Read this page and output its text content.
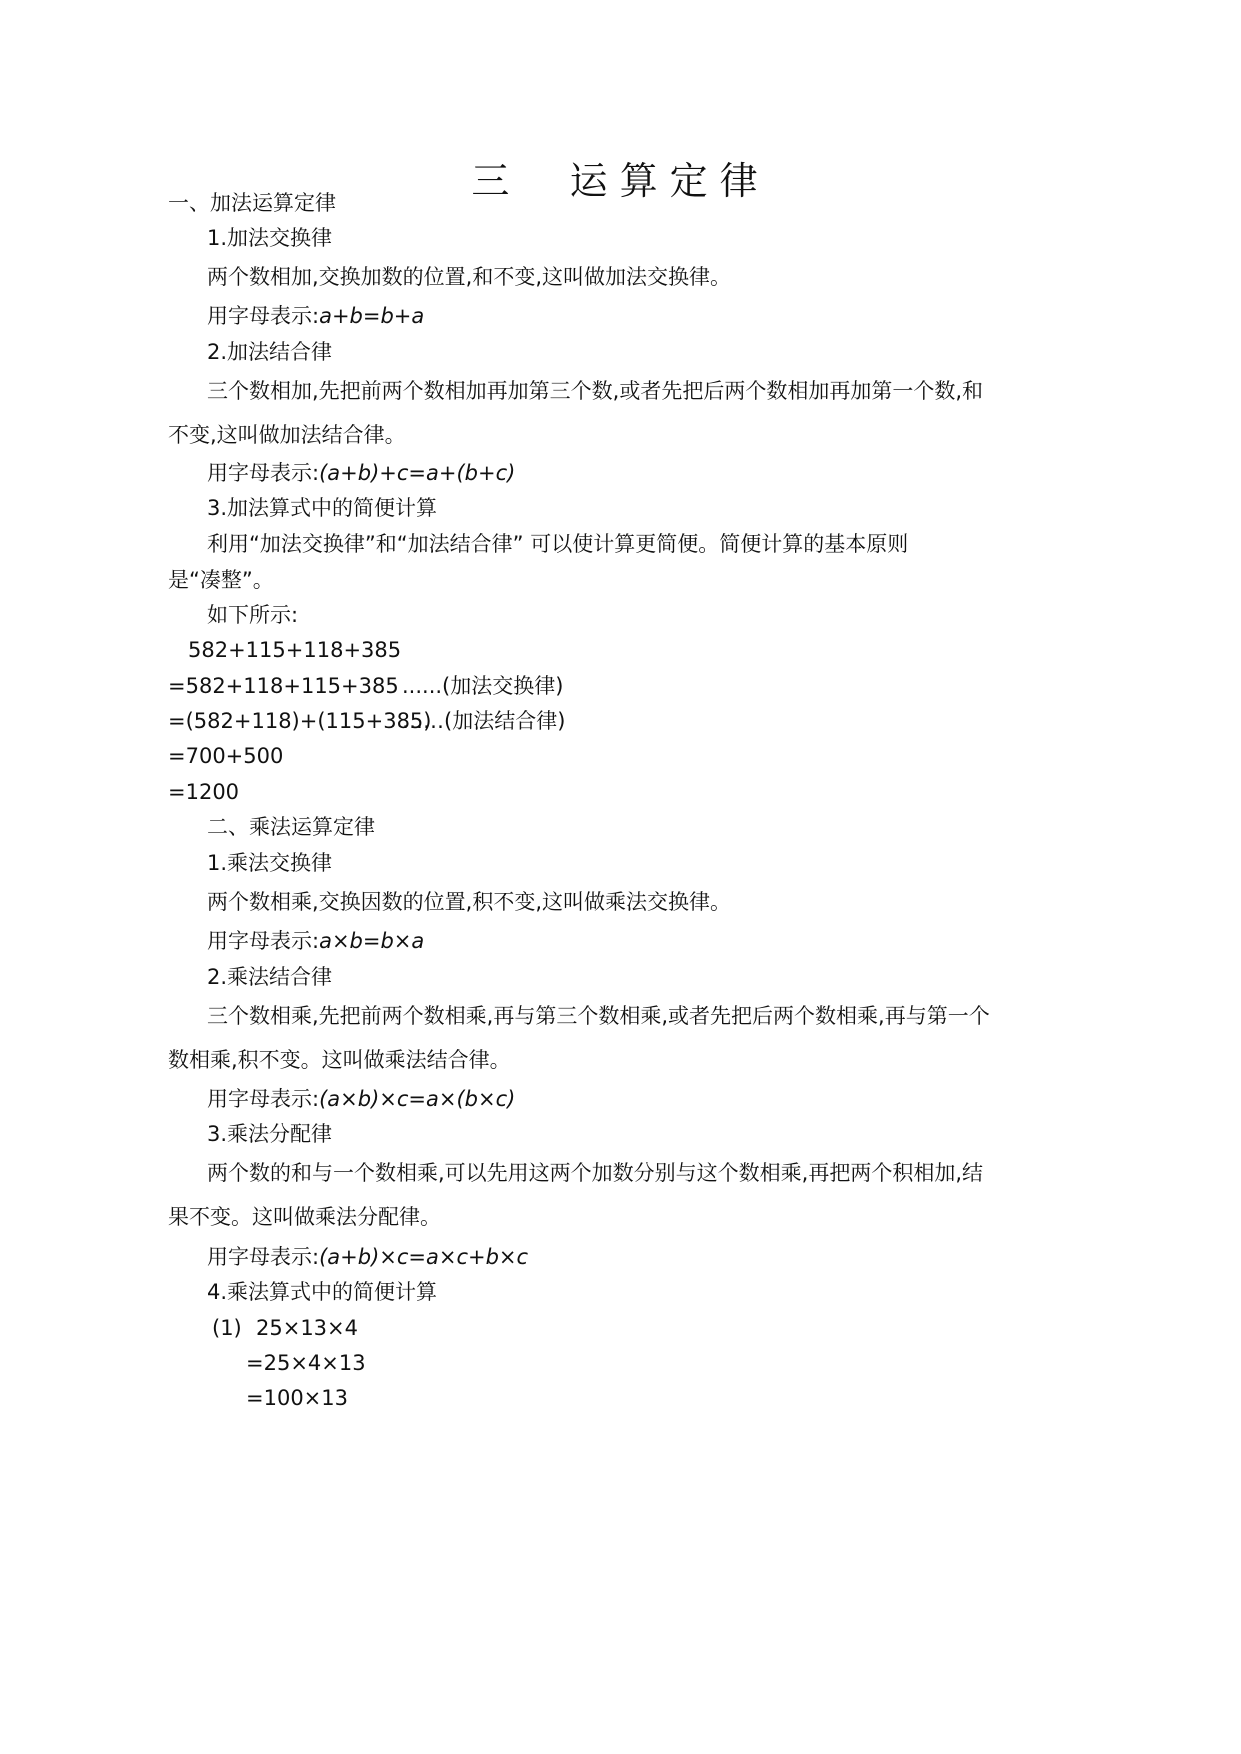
三  运算定律
一、加法运算定律
1.加法交换律
两个数相加,交换加数的位置,和不变,这叫做加法交换律。
用字母表示:a+b=b+a
2.加法结合律
三个数相加,先把前两个数相加再加第三个数,或者先把后两个数相加再加第一个数,和
不变,这叫做加法结合律。
用字母表示:(a+b)+c=a+(b+c)
3.加法算式中的简便计算
利用“加法交换律”和“加法结合律” 可以使计算更简便。简便计算的基本原则
是“凑整”。
如下所示:
582+115+118+385
=582+118+115+385 ......(加法交换律)
=(582+118)+(115+385)
……(加法结合律)
=700+500
=1200
二、乘法运算定律
1.乘法交换律
两个数相乘,交换因数的位置,积不变,这叫做乘法交换律。
用字母表示:a×b=b×a
2.乘法结合律
三个数相乘,先把前两个数相乘,再与第三个数相乘,或者先把后两个数相乘,再与第一个
数相乘,积不变。这叫做乘法结合律。
用字母表示:(a×b)×c=a×(b×c)
3.乘法分配律
两个数的和与一个数相乘,可以先用这两个加数分别与这个数相乘,再把两个积相加,结
果不变。这叫做乘法分配律。
用字母表示:(a+b)×c=a×c+b×c
4.乘法算式中的简便计算
(1) 25×13×4
=25×4×13
=100×13
